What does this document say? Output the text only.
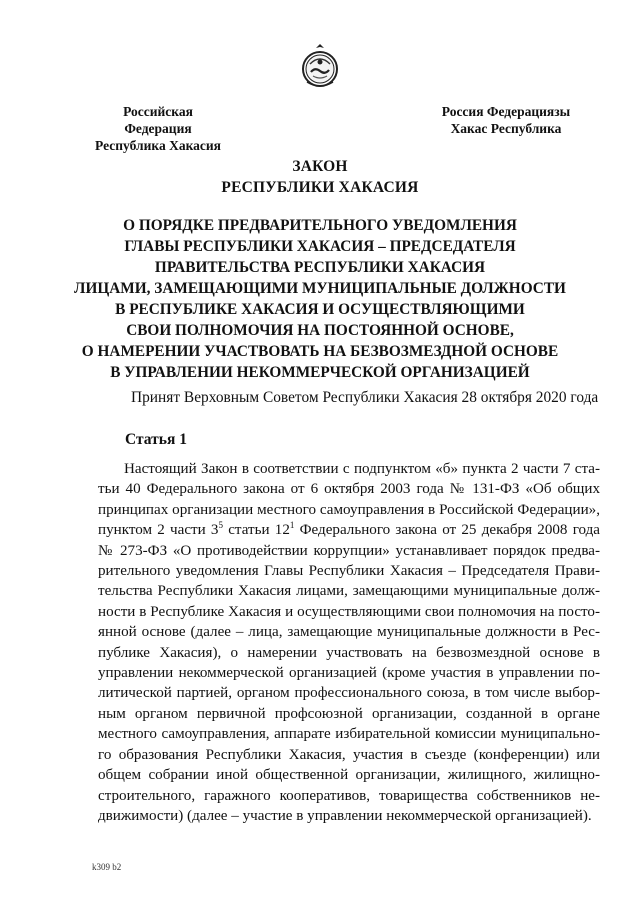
Российская Федерация
Республика Хакасия
Россия Федерациязы
Хакас Республика
ЗАКОН
РЕСПУБЛИКИ ХАКАСИЯ
О ПОРЯДКЕ ПРЕДВАРИТЕЛЬНОГО УВЕДОМЛЕНИЯ
ГЛАВЫ РЕСПУБЛИКИ ХАКАСИЯ – ПРЕДСЕДАТЕЛЯ
ПРАВИТЕЛЬСТВА РЕСПУБЛИКИ ХАКАСИЯ
ЛИЦАМИ, ЗАМЕЩАЮЩИМИ МУНИЦИПАЛЬНЫЕ ДОЛЖНОСТИ
В РЕСПУБЛИКЕ ХАКАСИЯ И ОСУЩЕСТВЛЯЮЩИМИ
СВОИ ПОЛНОМОЧИЯ НА ПОСТОЯННОЙ ОСНОВЕ,
О НАМЕРЕНИИ УЧАСТВОВАТЬ НА БЕЗВОЗМЕЗДНОЙ ОСНОВЕ
В УПРАВЛЕНИИ НЕКОММЕРЧЕСКОЙ ОРГАНИЗАЦИЕЙ
Принят Верховным Советом Республики Хакасия 28 октября 2020 года
Статья 1
Настоящий Закон в соответствии с подпунктом «б» пункта 2 части 7 ста-
тьи 40 Федерального закона от 6 октября 2003 года № 131-ФЗ «Об общих
принципах организации местного самоуправления в Российской Федерации»,
пунктом 2 части $3^5$ статьи $12^1$ Федерального закона от 25 декабря 2008 года
№ 273-ФЗ «О противодействии коррупции» устанавливает порядок предва-
рительного уведомления Главы Республики Хакасия – Председателя Прави-
тельства Республики Хакасия лицами, замещающими муниципальные долж-
ности в Республике Хакасия и осуществляющими свои полномочия на посто-
янной основе (далее – лица, замещающие муниципальные должности в Рес-
публике Хакасия), о намерении участвовать на безвозмездной основе в
управлении некоммерческой организацией (кроме участия в управлении по-
литической партией, органом профессионального союза, в том числе выбор-
ным органом первичной профсоюзной организации, созданной в органе
местного самоуправления, аппарате избирательной комиссии муниципально-
го образования Республики Хакасия, участия в съезде (конференции) или
общем собрании иной общественной организации, жилищного, жилищно-
строительного, гаражного кооперативов, товарищества собственников не-
движимости) (далее – участие в управлении некоммерческой организацией).
k309 b2
